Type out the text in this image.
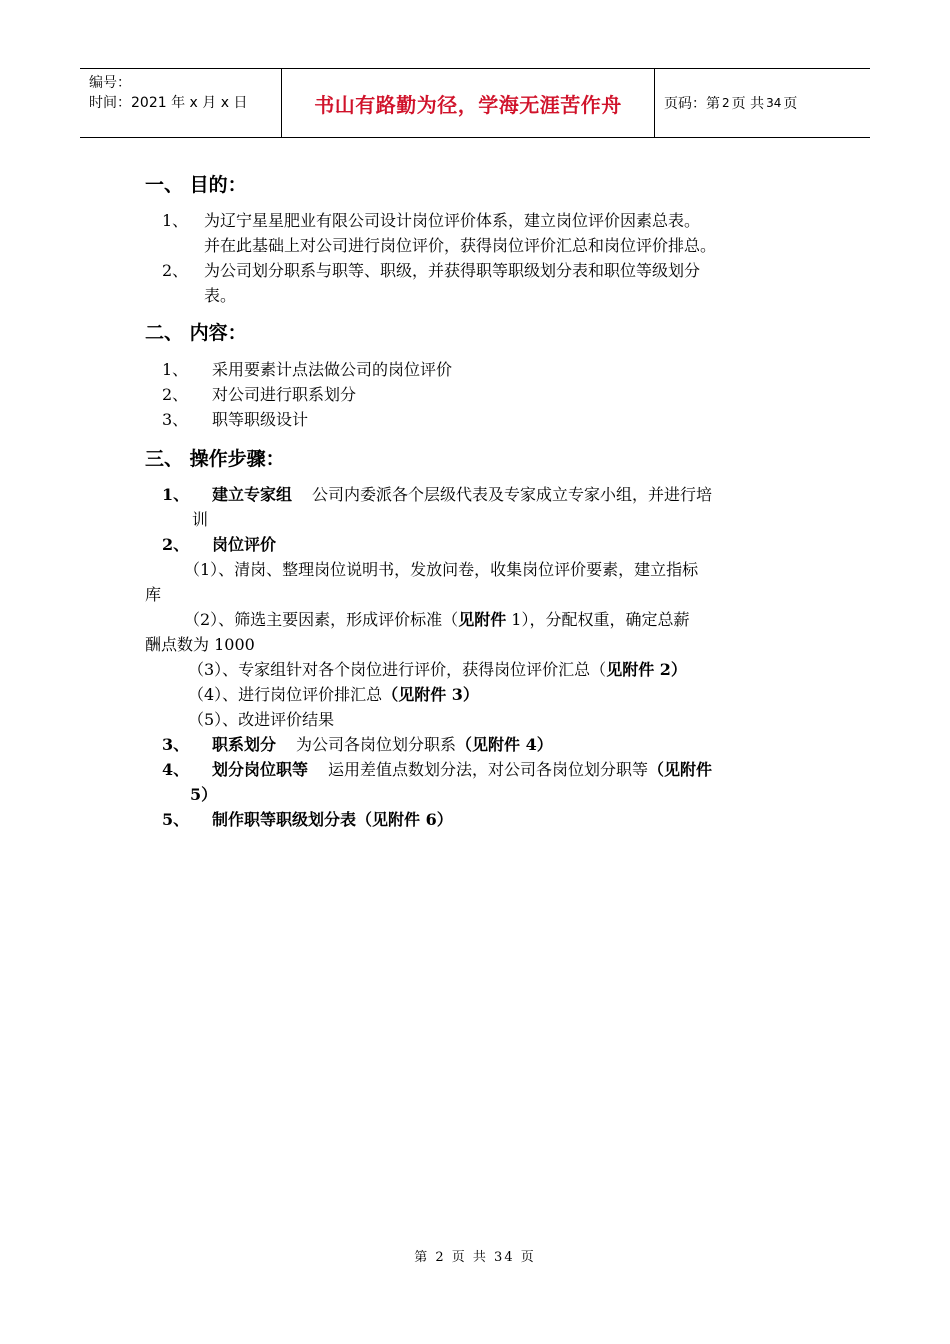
编号：
时间：2021 年 x 月 x 日	书山有路勤为径，学海无涯苦作舟	页码：第 2 页 共 34 页
一、 目的：
1、 为辽宁星星肥业有限公司设计岗位评价体系，建立岗位评价因素总表。
并在此基础上对公司进行岗位评价，获得岗位评价汇总和岗位评价排总。
2、 为公司划分职系与职等、职级，并获得职等职级划分表和职位等级划分
表。
二、 内容：
1、 采用要素计点法做公司的岗位评价
2、 对公司进行职系划分
3、 职等职级设计
三、 操作步骤：
1、 建立专家组 公司内委派各个层级代表及专家成立专家小组，并进行培
训
2、 岗位评价
（1）、清岗、整理岗位说明书，发放问卷，收集岗位评价要素，建立指标
库
（2）、筛选主要因素，形成评价标准（见附件 1），分配权重，确定总薪
酬点数为 1000
（3）、专家组针对各个岗位进行评价，获得岗位评价汇总（见附件 2）
（4）、进行岗位评价排汇总（见附件 3）
（5）、改进评价结果
3、 职系划分 为公司各岗位划分职系（见附件 4）
4、 划分岗位职等 运用差值点数划分法，对公司各岗位划分职等（见附件
5）
5、 制作职等职级划分表（见附件 6）
第 2 页 共 34 页
